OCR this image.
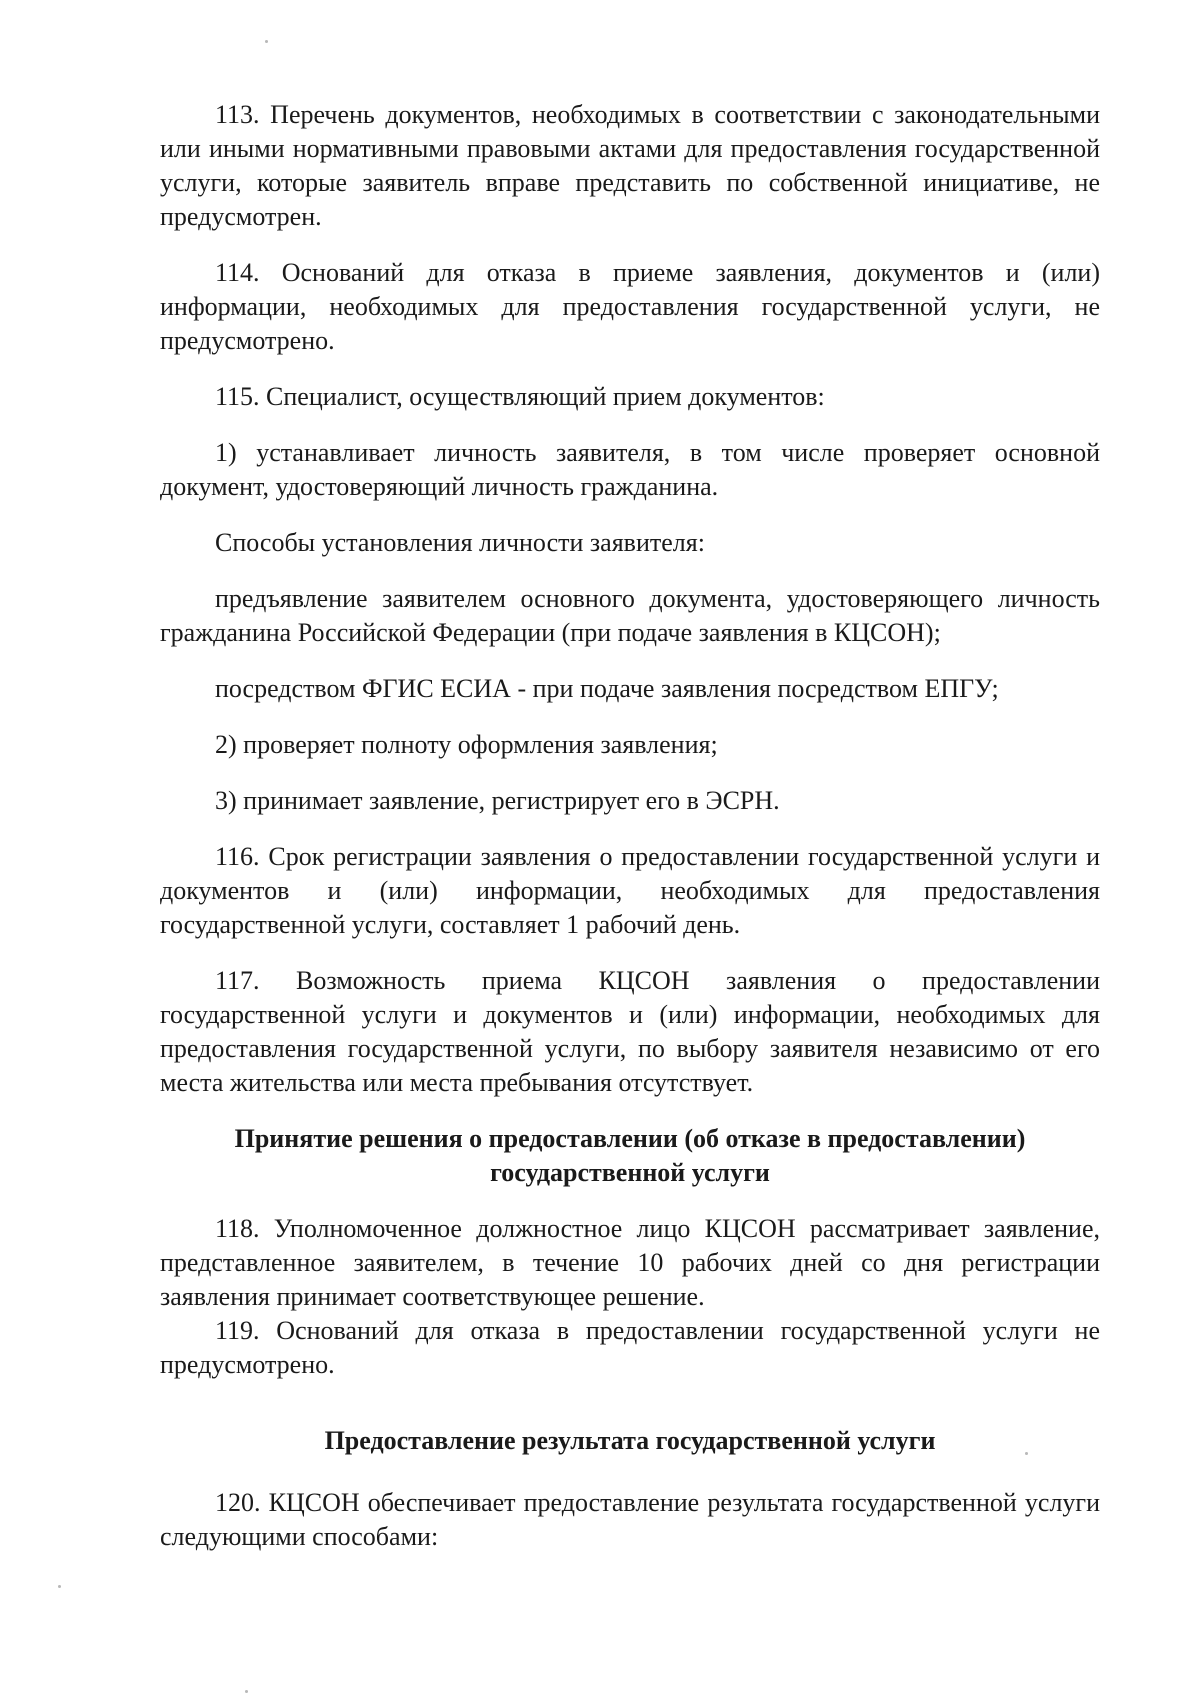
113. Перечень документов, необходимых в соответствии с законодательными или иными нормативными правовыми актами для предоставления государственной услуги, которые заявитель вправе представить по собственной инициативе, не предусмотрен.

114. Оснований для отказа в приеме заявления, документов и (или) информации, необходимых для предоставления государственной услуги, не предусмотрено.

115. Специалист, осуществляющий прием документов:

1) устанавливает личность заявителя, в том числе проверяет основной документ, удостоверяющий личность гражданина.

Способы установления личности заявителя:

предъявление заявителем основного документа, удостоверяющего личность гражданина Российской Федерации (при подаче заявления в КЦСОН);

посредством ФГИС ЕСИА - при подаче заявления посредством ЕПГУ;

2) проверяет полноту оформления заявления;

3) принимает заявление, регистрирует его в ЭСРН.

116. Срок регистрации заявления о предоставлении государственной услуги и документов и (или) информации, необходимых для предоставления государственной услуги, составляет 1 рабочий день.

117. Возможность приема КЦСОН заявления о предоставлении государственной услуги и документов и (или) информации, необходимых для предоставления государственной услуги, по выбору заявителя независимо от его места жительства или места пребывания отсутствует.

Принятие решения о предоставлении (об отказе в предоставлении)
государственной услуги

118. Уполномоченное должностное лицо КЦСОН рассматривает заявление, представленное заявителем, в течение 10 рабочих дней со дня регистрации заявления принимает соответствующее решение.

119. Оснований для отказа в предоставлении государственной услуги не предусмотрено.

Предоставление результата государственной услуги

120. КЦСОН обеспечивает предоставление результата государственной услуги следующими способами:
